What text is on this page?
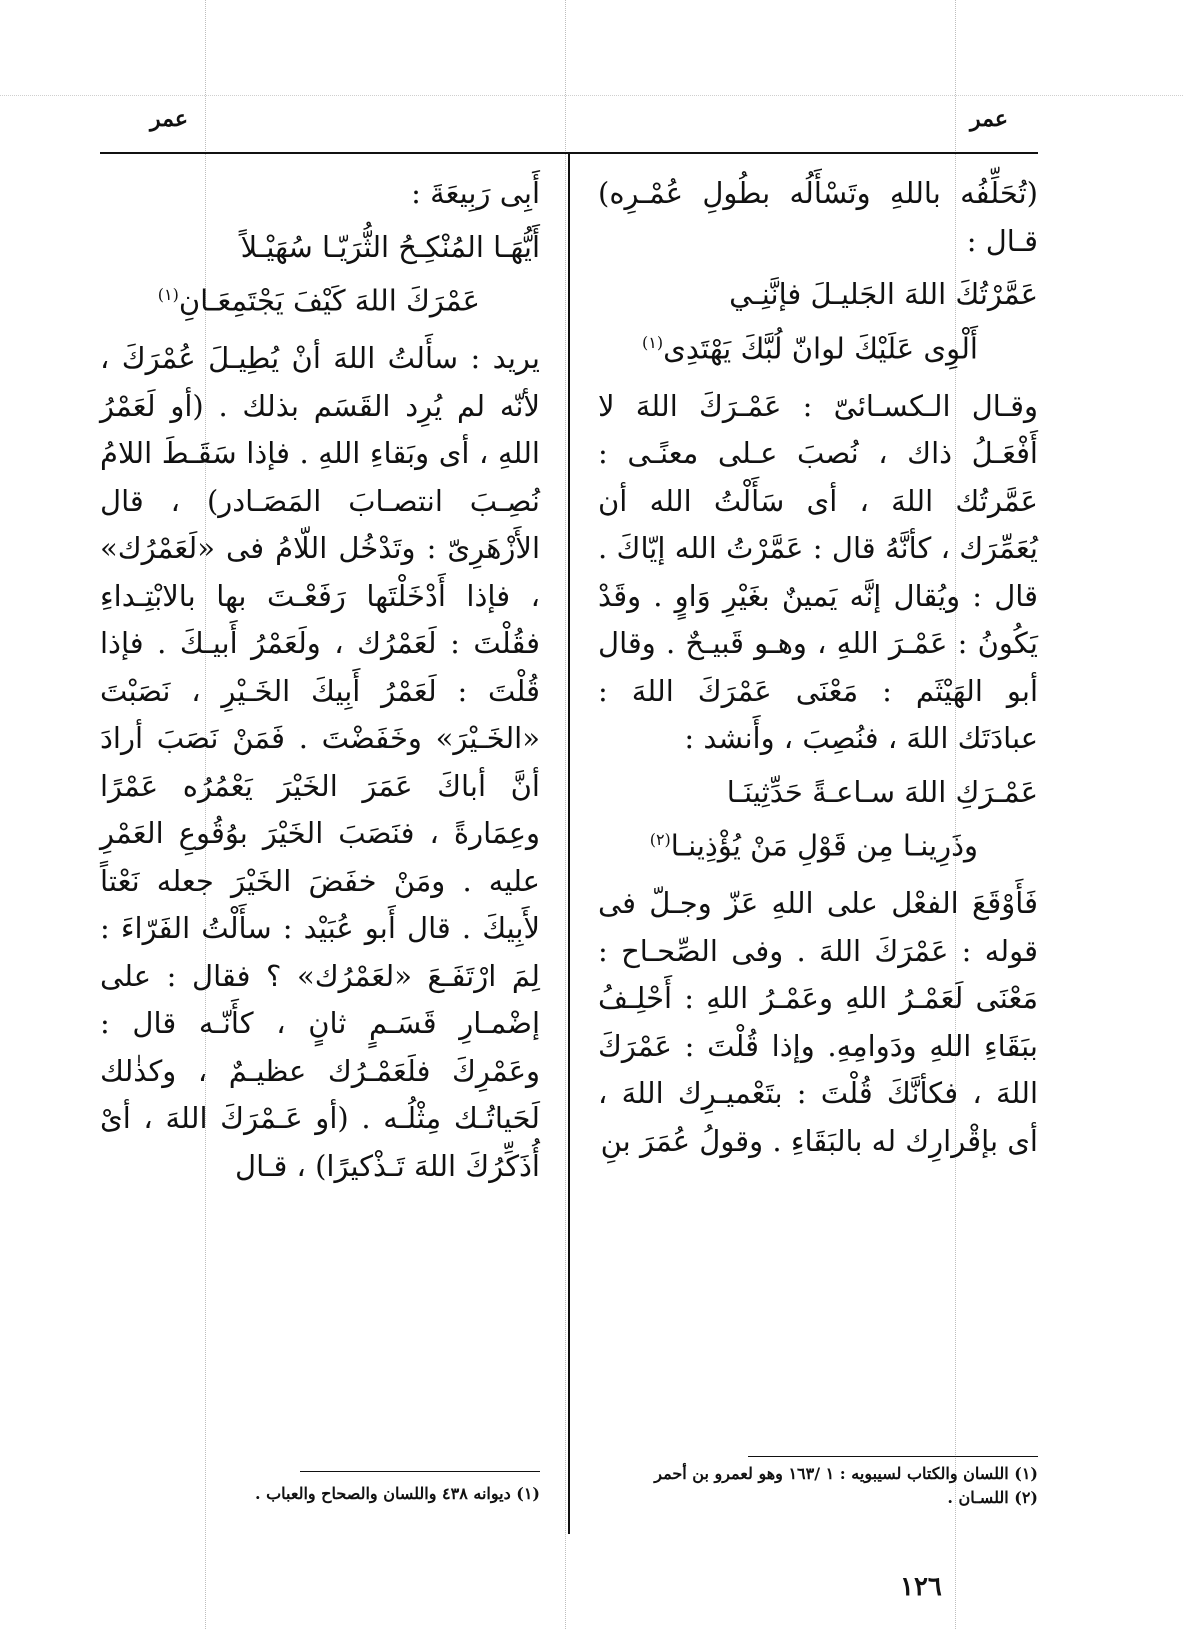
عمر
عمر

(تُحَلِّفُه باللهِ وتَسْأَلُه بطُولِ عُمْـرِه) قـال :

عَمَّرْتُكَ اللهَ الجَليـلَ فإنَّنِـي
أَلْوِى عَلَيْكَ لوانّ لُبَّكَ يَهْتَدِى$^{(١)}$

وقـال الـكسـائىّ : عَمْـرَكَ اللهَ لا أَفْعَـلُ ذاك ، نُصبَ عـلى معنًـى : عَمَّرتُك اللهَ ، أى سَأَلْتُ الله أن يُعَمِّرَك ، كأنَّهُ قال : عَمَّرْتُ الله إيّاكَ . قال : ويُقال إنَّه يَمينٌ بغَيْرِ وَاوٍ . وقَدْ يَكُونُ : عَمْـرَ اللهِ ، وهـو قَبيـحٌ . وقال أبو الهَيْثَم : مَعْنَى عَمْرَكَ اللهَ : عبادَتَك اللهَ ، فنُصِبَ ، وأَنشد :

عَمْـرَكِ اللهَ سـاعـةً حَدِّثِينَـا
وذَرِينـا مِن قَوْلِ مَنْ يُؤْذِينـا$^{(٢)}$

فَأَوْقَعَ الفعْل على اللهِ عَزّ وجـلّ فى قوله : عَمْرَكَ اللهَ . وفى الصِّحـاح : مَعْنَى لَعَمْـرُ اللهِ وعَمْـرُ اللهِ : أَحْلِـفُ ببَقَاءِ اللهِ ودَوامِهِ. وإذا قُلْتَ : عَمْرَكَ اللهَ ، فكأنَّكَ قُلْتَ : بتَعْميـرِك اللهَ ، أى بإقْرارِك له بالبَقَاءِ . وقولُ عُمَرَ بنِ

أَبِى رَبِيعَةَ :

أَيُّهَـا المُنْكِـحُ الثُّرَيّـا سُهَيْـلاً
عَمْرَكَ اللهَ كَيْفَ يَجْتَمِعَـانِ$^{(١)}$

يريد : سأَلتُ اللهَ أنْ يُطِيـلَ عُمْرَكَ ، لأنّه لم يُرِد القَسَم بذلك . (أو لَعَمْرُ اللهِ ، أى وبَقاءِ اللهِ . فإذا سَقَـطَ اللامُ نُصِـبَ انتصـابَ المَصَـادر) ، قال الأَزْهَرِىّ : وتَدْخُل اللّامُ فى «لَعَمْرُك» ، فإذا أَدْخَلْتَها رَفَعْـتَ بها بالابْتِـداءِ فقُلْتَ : لَعَمْرُك ، ولَعَمْرُ أَبيـكَ . فإذا قُلْتَ : لَعَمْرُ أَبِيكَ الخَـيْرِ ، نَصَبْتَ «الخَـيْرَ» وخَفَضْتَ . فَمَنْ نَصَبَ أرادَ أنَّ أباكَ عَمَرَ الخَيْرَ يَعْمُرُه عَمْرًا وعِمَارةً ، فنَصَبَ الخَيْرَ بوُقُوعِ العَمْرِ عليه . ومَنْ خفَضَ الخَيْرَ جعله نَعْتاً لأَبِيكَ . قال أَبو عُبَيْد : سأَلْتُ الفَرّاءَ : لِمَ ارْتَفَـعَ «لعَمْرُك» ؟ فقال : على إضْمـارِ قَسَـمٍ ثانٍ ، كأَنّـه قال : وعَمْرِكَ فلَعَمْـرُك عظيـمٌ ، وكذٰلك لَحَياتُـك مِثْلُـه . (أو عَـمْرَكَ اللهَ ، أىْ أُذَكِّرُكَ اللهَ تَـذْكيرًا) ، قـال

(١) اللسان والكتاب لسيبويه : ١ /١٦٣ وهو لعمرو بن أحمر
(٢) اللسـان .
(١) ديوانه ٤٣٨ واللسان والصحاح والعباب .
١٢٦
